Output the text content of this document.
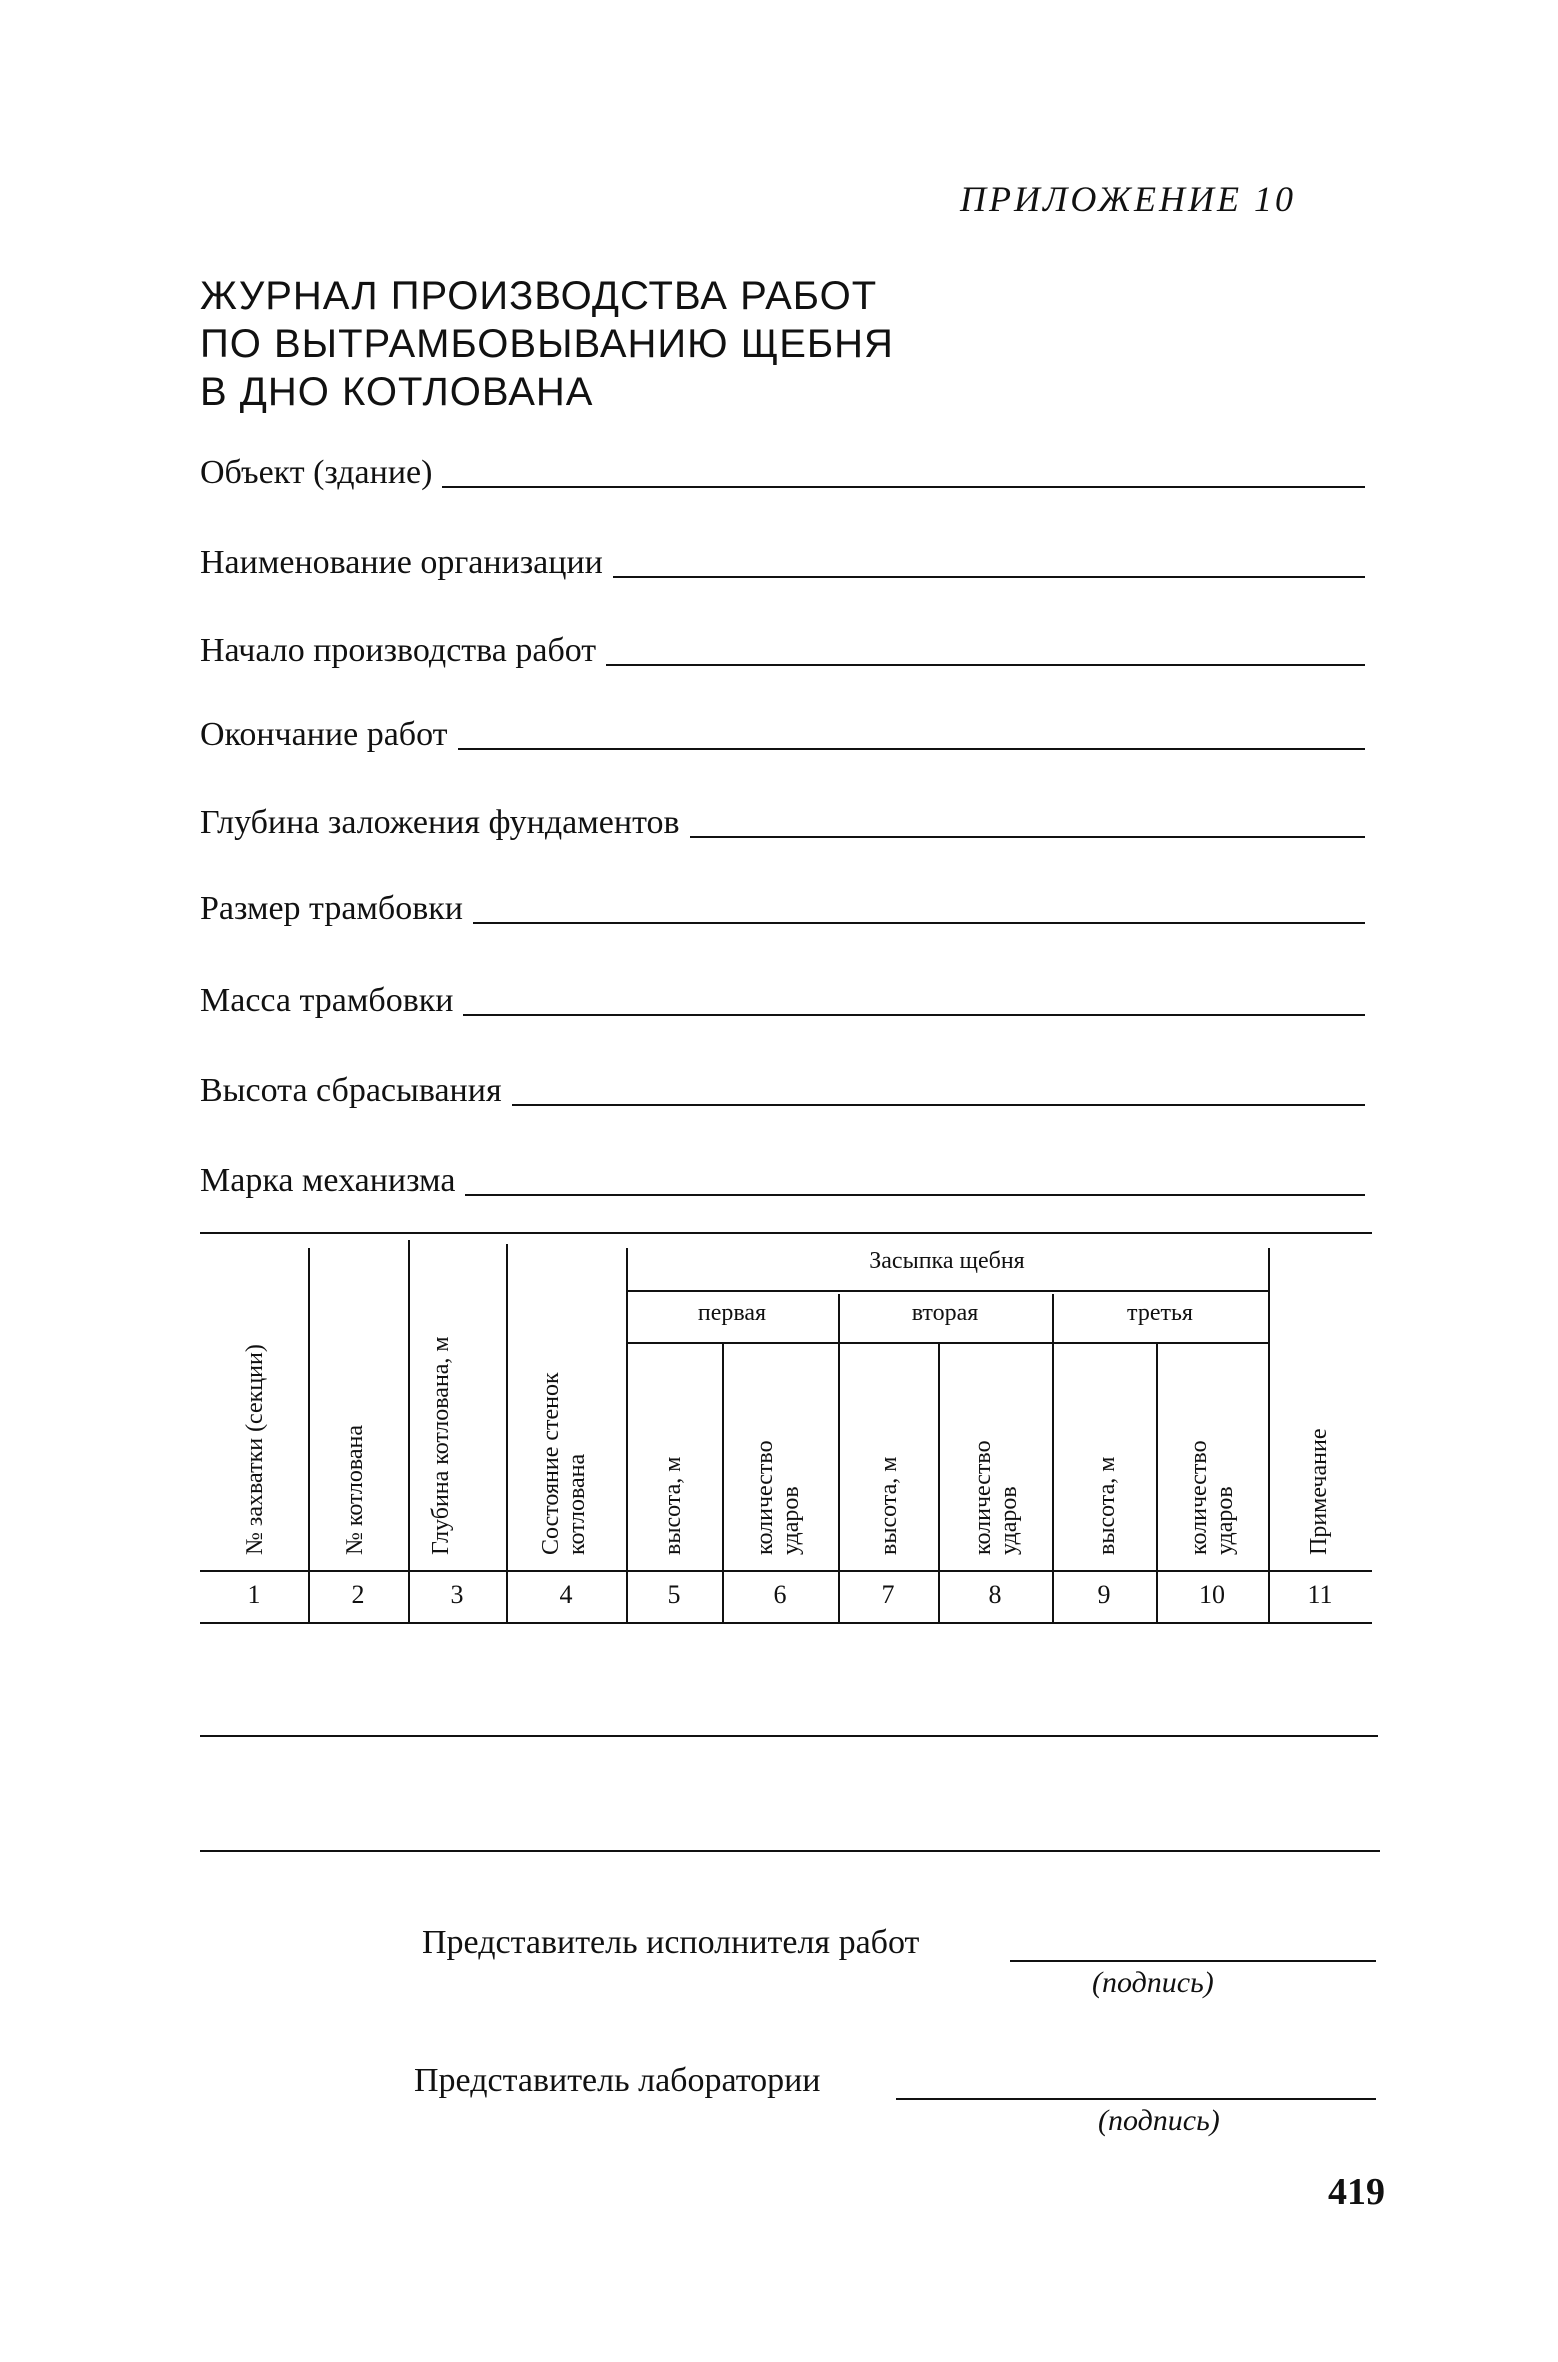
ПРИЛОЖЕНИЕ 10
ЖУРНАЛ ПРОИЗВОДСТВА РАБОТ
ПО ВЫТРАМБОВЫВАНИЮ ЩЕБНЯ
В ДНО КОТЛОВАНА
Объект (здание)
Наименование организации
Начало производства работ
Окончание работ
Глубина заложения фундаментов
Размер трамбовки
Масса трамбовки
Высота сбрасывания
Марка механизма
Засыпка щебня
первая	вторая	третья
№ захватки (секции)	№ котлована	Глубина котлована, м	Состояние стенок котлована	высота, м	количество ударов	высота, м	количество ударов	высота, м	количество ударов	Примечание
1	2	3	4	5	6	7	8	9	10	11
Представитель исполнителя работ
(подпись)
Представитель лаборатории
(подпись)
419
